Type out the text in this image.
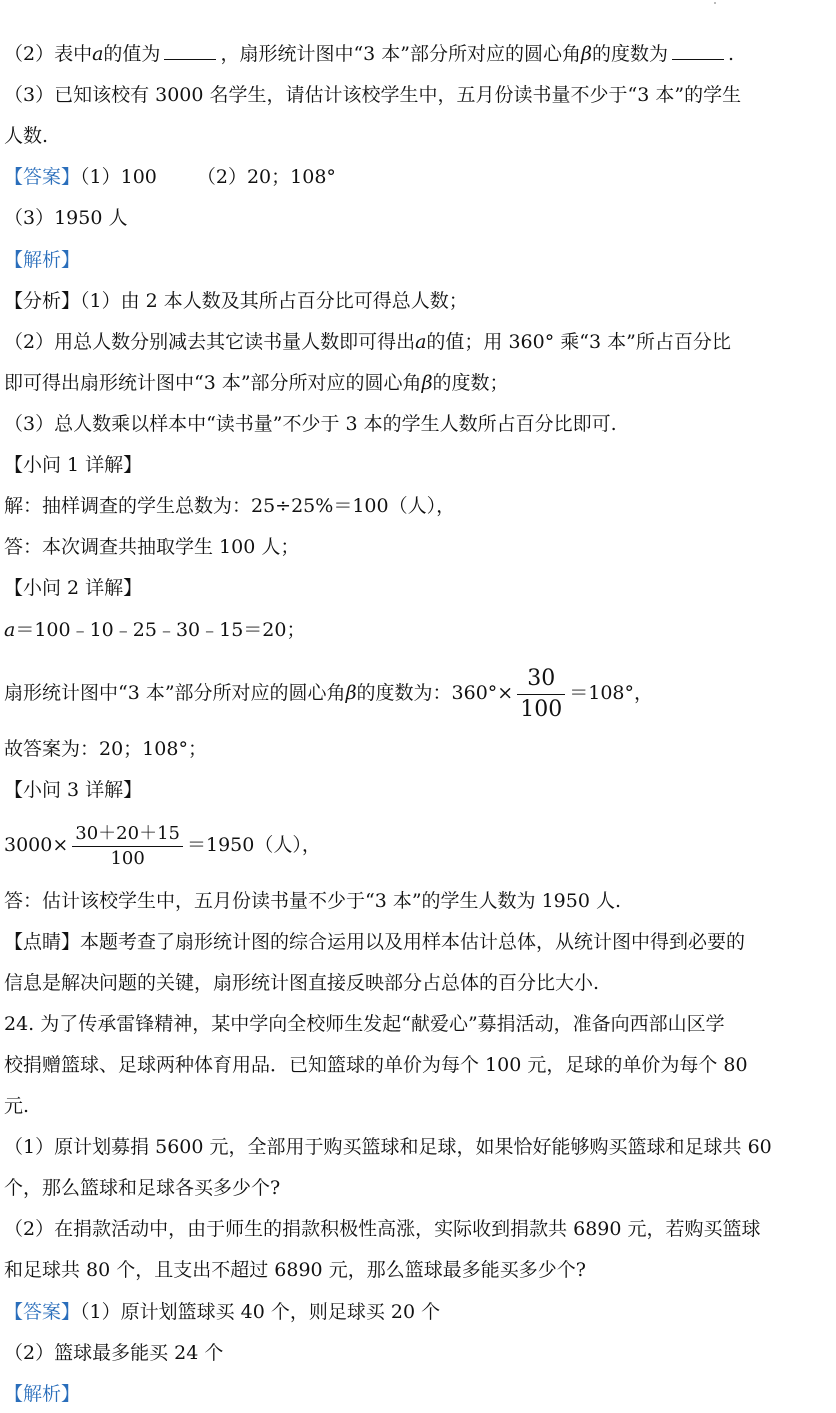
（2）表中a的值为	，扇形统计图中“3 本”部分所对应的圆心角β的度数为	.
（3）已知该校有 3000 名学生，请估计该校学生中，五月份读书量不少于“3 本”的学生
人数.
【答案】（1）100 （2）20；108°
（3）1950 人
【解析】
【分析】（1）由 2 本人数及其所占百分比可得总人数；
（2）用总人数分别减去其它读书量人数即可得出a的值；用 360° 乘“3 本”所占百分比
即可得出扇形统计图中“3 本”部分所对应的圆心角β的度数；
（3）总人数乘以样本中“读书量”不少于 3 本的学生人数所占百分比即可.
【小问 1 详解】
解：抽样调查的学生总数为：25÷25%＝100（人），
答：本次调查共抽取学生 100 人；
【小问 2 详解】
a＝100﹣10﹣25﹣30﹣15＝20；
扇形统计图中“3 本”部分所对应的圆心角β的度数为：$360^\circ\times \frac{30}{100} =108^\circ$，
故答案为：20；108°；
【小问 3 详解】
$3000\times \frac{30+20+15}{100} =1950$（人），
答：估计该校学生中，五月份读书量不少于“3 本”的学生人数为 1950 人.
【点睛】本题考查了扇形统计图的综合运用以及用样本估计总体，从统计图中得到必要的
信息是解决问题的关键，扇形统计图直接反映部分占总体的百分比大小.
24. 为了传承雷锋精神，某中学向全校师生发起“献爱心”募捐活动，准备向西部山区学
校捐赠篮球、足球两种体育用品．已知篮球的单价为每个 100 元，足球的单价为每个 80
元.
（1）原计划募捐 5600 元，全部用于购买篮球和足球，如果恰好能够购买篮球和足球共 60
个，那么篮球和足球各买多少个?
（2）在捐款活动中，由于师生的捐款积极性高涨，实际收到捐款共 6890 元，若购买篮球
和足球共 80 个，且支出不超过 6890 元，那么篮球最多能买多少个?
【答案】（1）原计划篮球买 40 个，则足球买 20 个
（2）篮球最多能买 24 个
【解析】
